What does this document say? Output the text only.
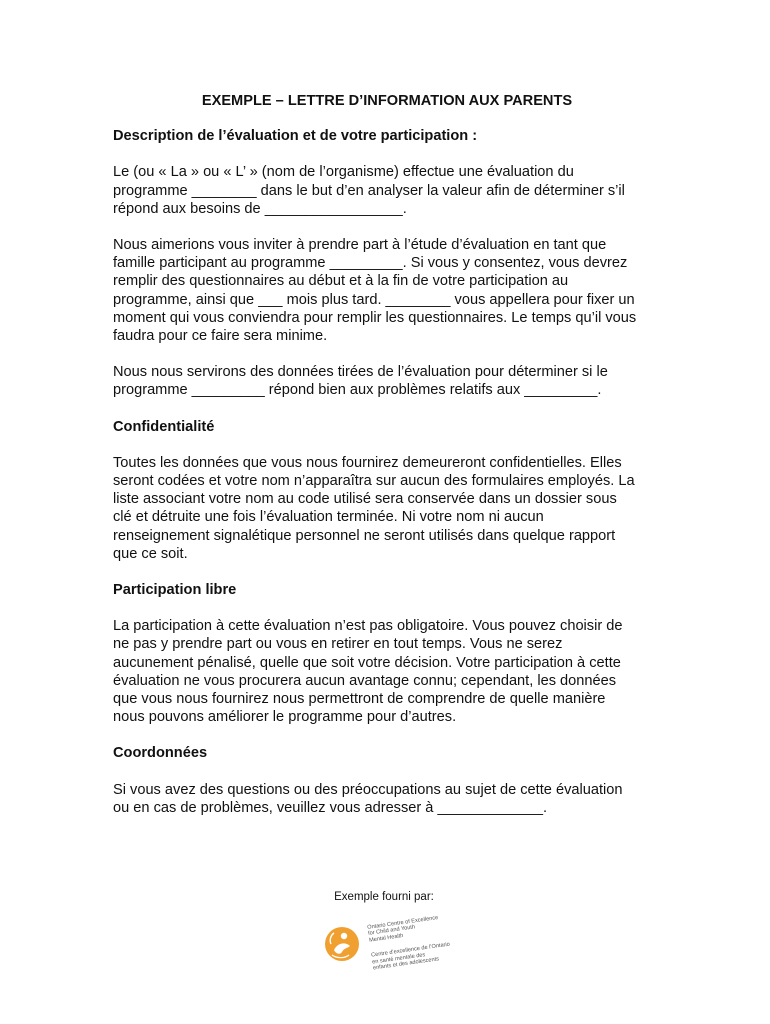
EXEMPLE – LETTRE D’INFORMATION AUX PARENTS
Description de l’évaluation et de votre participation :
Le (ou « La » ou « L’ » (nom de l’organisme) effectue une évaluation du
programme ________ dans le but d’en analyser la valeur afin de déterminer s’il
répond aux besoins de _________________.
Nous aimerions vous inviter à prendre part à l’étude d’évaluation en tant que
famille participant au programme _________. Si vous y consentez, vous devrez
remplir des questionnaires au début et à la fin de votre participation au
programme, ainsi que ___ mois plus tard. ________ vous appellera pour fixer un
moment qui vous conviendra pour remplir les questionnaires. Le temps qu’il vous
faudra pour ce faire sera minime.
Nous nous servirons des données tirées de l’évaluation pour déterminer si le
programme _________ répond bien aux problèmes relatifs aux _________.
Confidentialité
Toutes les données que vous nous fournirez demeureront confidentielles. Elles
seront codées et votre nom n’apparaîtra sur aucun des formulaires employés. La
liste associant votre nom au code utilisé sera conservée dans un dossier sous
clé et détruite une fois l’évaluation terminée. Ni votre nom ni aucun
renseignement signalétique personnel ne seront utilisés dans quelque rapport
que ce soit.
Participation libre
La participation à cette évaluation n’est pas obligatoire. Vous pouvez choisir de
ne pas y prendre part ou vous en retirer en tout temps. Vous ne serez
aucunement pénalisé, quelle que soit votre décision. Votre participation à cette
évaluation ne vous procurera aucun avantage connu; cependant, les données
que vous nous fournirez nous permettront de comprendre de quelle manière
nous pouvons améliorer le programme pour d’autres.
Coordonnées
Si vous avez des questions ou des préoccupations au sujet de cette évaluation
ou en cas de problèmes, veuillez vous adresser à _____________.
Exemple fourni par:

Ontario Centre of Excellence
for Child and Youth
Mental Health

Centre d’excellence de l’Ontario
en santé mentale des
enfants et des adolescents
